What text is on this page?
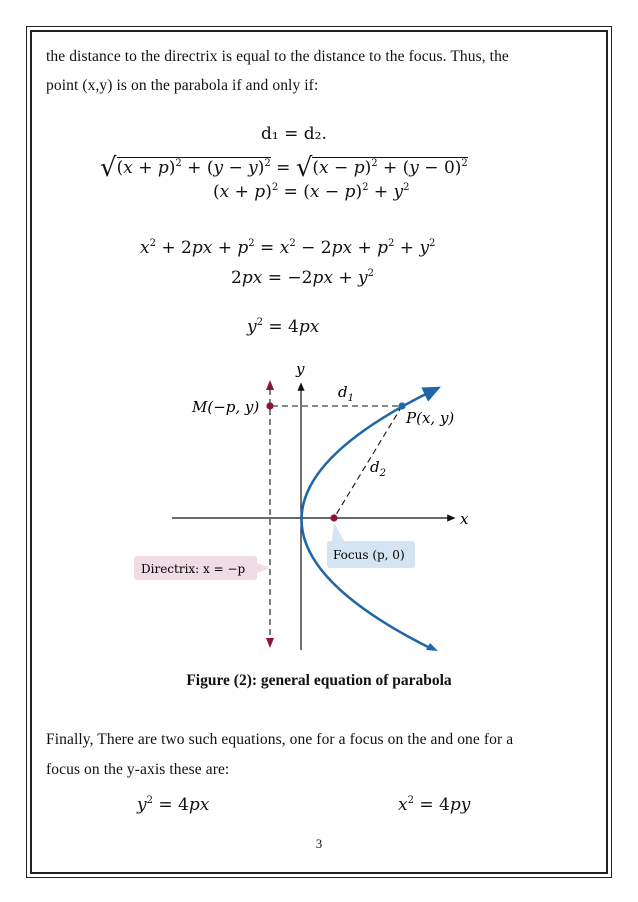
the distance to the directrix is equal to the distance to the focus. Thus, the
point (x,y) is on the parabola if and only if:
d₁ = d₂.
$√(x + p)^2 + (y - y)^2 = √(x - p)^2 + (y - 0)^2$
$(x + p)^2 = (x - p)^2 + y^2$
$x^2 + 2px + p^2 = x^2 - 2px + p^2 + y^2$
$2px = -2px + y^2$
$y^2 = 4px$
x
y
M(−p, y)
P(x, y)
$d_1$
$d_2$
Focus (p, 0)
Directrix: x = −p
Figure (2): general equation of parabola
Finally, There are two such equations, one for a focus on the and one for a
focus on the y-axis these are:
$y^2 = 4px$	$x^2 = 4py$
3
